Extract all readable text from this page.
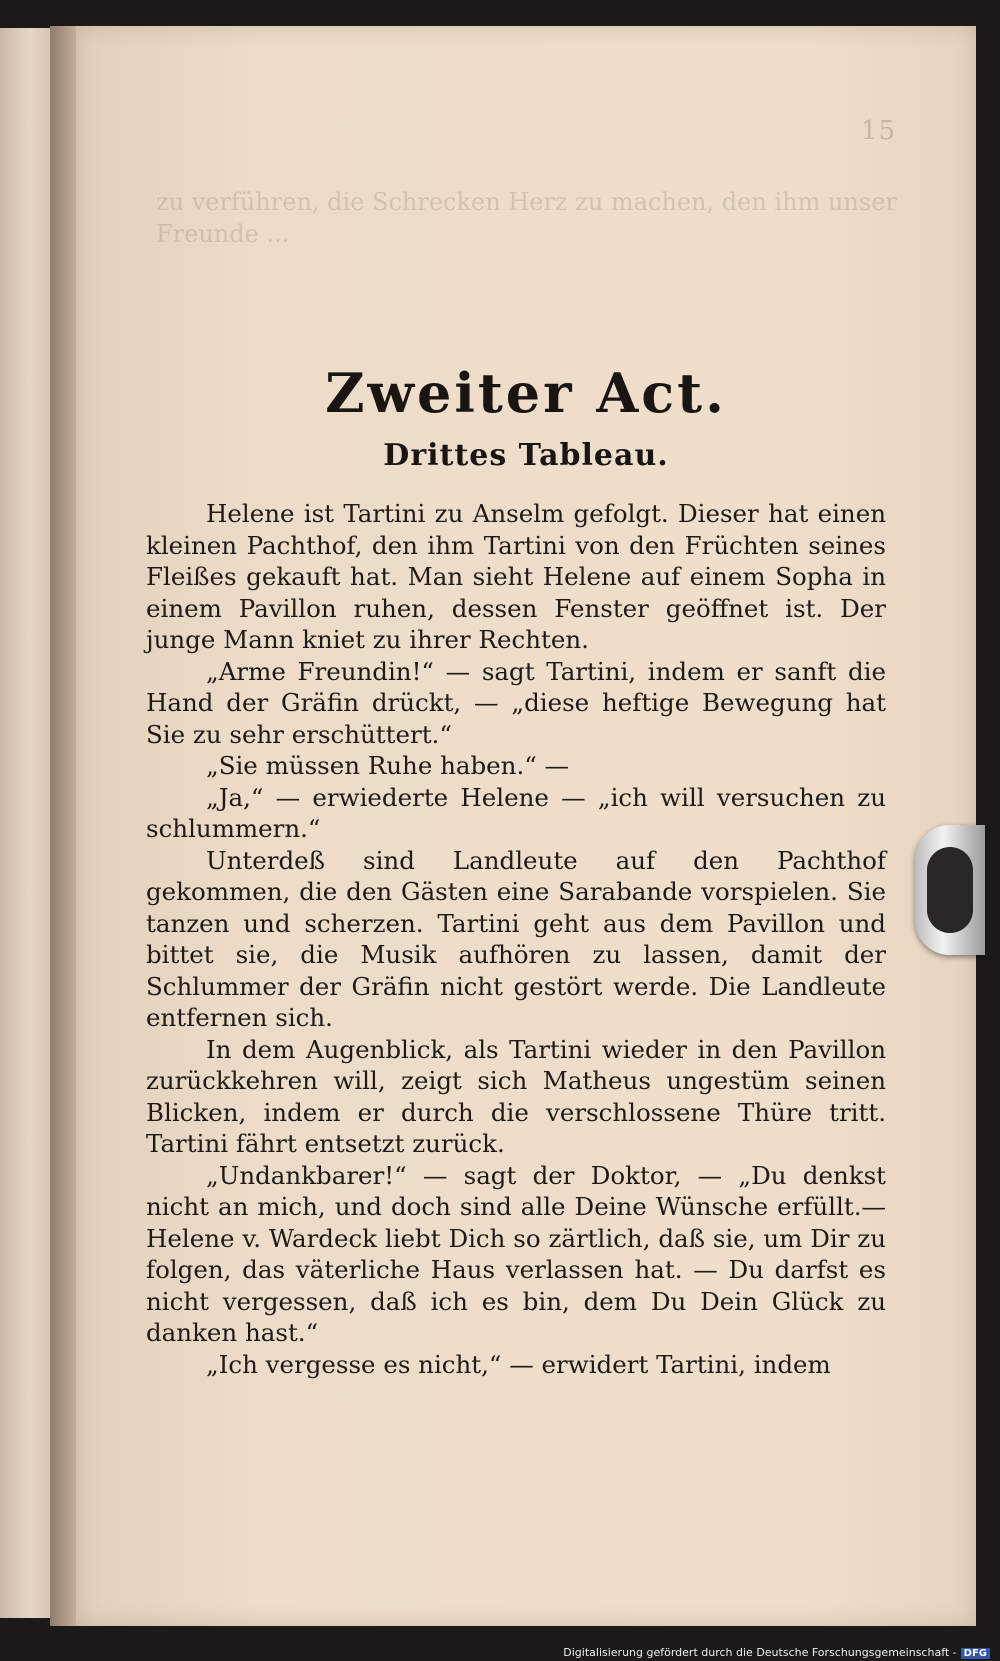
15
zu verführen, die Schrecken Herz zu machen, den ihm unser Freunde ...
Zweiter Act.
Drittes Tableau.

Helene ist Tartini zu Anselm gefolgt. Dieser hat einen kleinen Pachthof, den ihm Tartini von den Früchten seines Fleißes gekauft hat. Man sieht Helene auf einem Sopha in einem Pavillon ruhen, dessen Fenster geöffnet ist. Der junge Mann kniet zu ihrer Rechten.

„Arme Freundin!“ — sagt Tartini, indem er sanft die Hand der Gräfin drückt, — „diese heftige Bewegung hat Sie zu sehr erschüttert.“

„Sie müssen Ruhe haben.“ —

„Ja,“ — erwiederte Helene — „ich will versuchen zu schlummern.“

Unterdeß sind Landleute auf den Pachthof gekommen, die den Gästen eine Sarabande vorspielen. Sie tanzen und scherzen. Tartini geht aus dem Pavillon und bittet sie, die Musik aufhören zu lassen, damit der Schlummer der Gräfin nicht gestört werde. Die Landleute entfernen sich.

In dem Augenblick, als Tartini wieder in den Pavillon zurückkehren will, zeigt sich Matheus ungestüm seinen Blicken, indem er durch die verschlossene Thüre tritt. Tartini fährt entsetzt zurück.

„Undankbarer!“ — sagt der Doktor, — „Du denkst nicht an mich, und doch sind alle Deine Wünsche erfüllt.— Helene v. Wardeck liebt Dich so zärtlich, daß sie, um Dir zu folgen, das väterliche Haus verlassen hat. — Du darfst es nicht vergessen, daß ich es bin, dem Du Dein Glück zu danken hast.“

„Ich vergesse es nicht,“ — erwidert Tartini, indem

Digitalisierung gefördert durch die Deutsche Forschungsgemeinschaft - DFG
